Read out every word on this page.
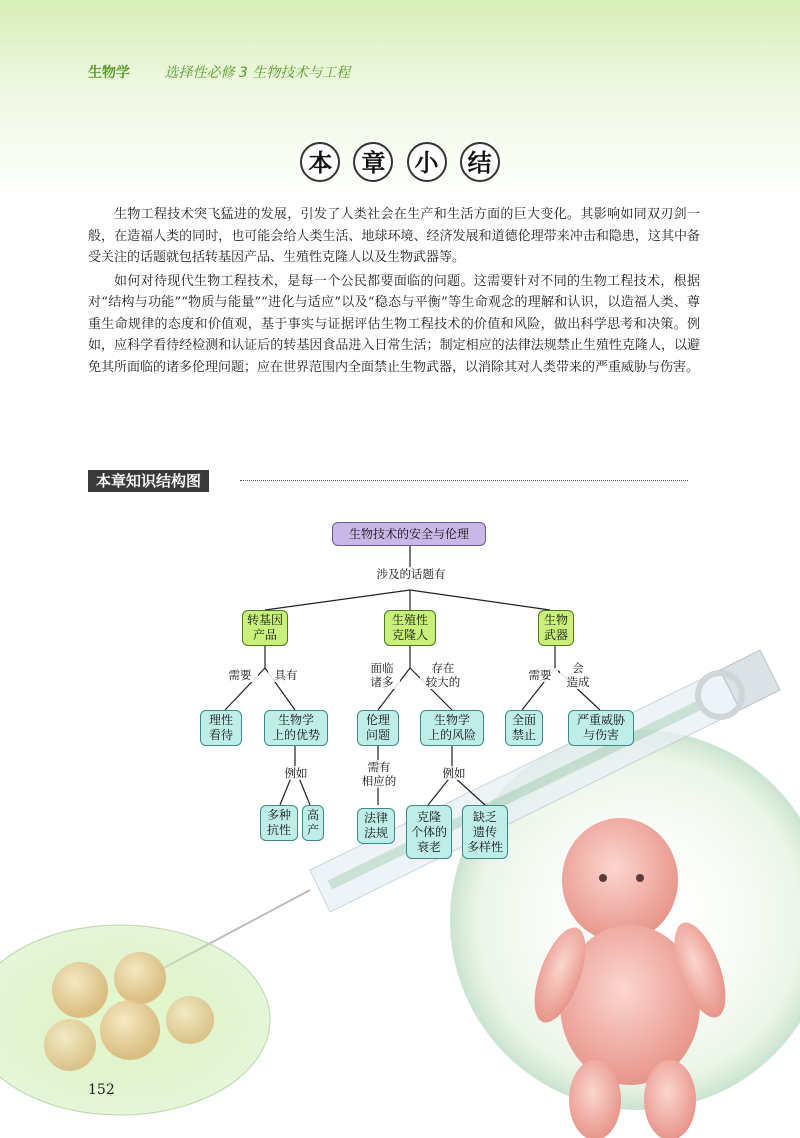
生物学 选择性必修 3 生物技术与工程
本 章 小 结

生物工程技术突飞猛进的发展，引发了人类社会在生产和生活方面的巨大变化。其影响如同双刃剑一般，在造福人类的同时，也可能会给人类生活、地球环境、经济发展和道德伦理带来冲击和隐患，这其中备受关注的话题就包括转基因产品、生殖性克隆人以及生物武器等。

如何对待现代生物工程技术，是每一个公民都要面临的问题。这需要针对不同的生物工程技术，根据对“结构与功能”“物质与能量”“进化与适应”以及“稳态与平衡”等生命观念的理解和认识，以造福人类、尊重生命规律的态度和价值观，基于事实与证据评估生物工程技术的价值和风险，做出科学思考和决策。例如，应科学看待经检测和认证后的转基因食品进入日常生活；制定相应的法律法规禁止生殖性克隆人，以避免其所面临的诸多伦理问题；应在世界范围内全面禁止生物武器，以消除其对人类带来的严重威胁与伤害。

本章知识结构图
生物技术的安全与伦理
涉及的话题有
转基因
产品
需要	具有
理性
看待
生物学
上的优势
例如
多种
抗性
高
产
生殖性
克隆人
面临
诸多
存在
较大的
伦理
问题
生物学
上的风险
需有
相应的
例如
法律
法规
克隆
个体的
衰老
缺乏
遗传
多样性
生物
武器
需要	会
造成
全面
禁止
严重威胁
与伤害
152
